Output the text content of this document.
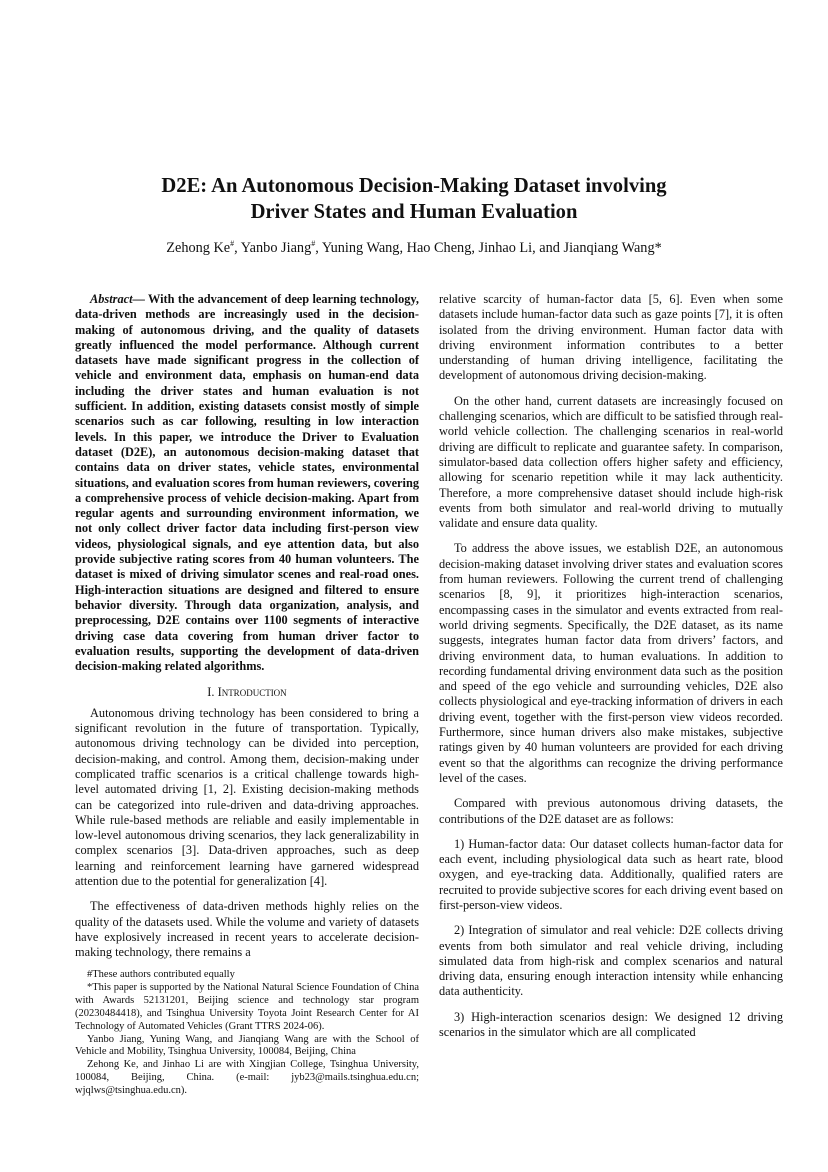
D2E: An Autonomous Decision-Making Dataset involving
Driver States and Human Evaluation
Zehong Ke#, Yanbo Jiang#, Yuning Wang, Hao Cheng, Jinhao Li, and Jianqiang Wang*

Abstract— With the advancement of deep learning technology, data-driven methods are increasingly used in the decision-making of autonomous driving, and the quality of datasets greatly influenced the model performance. Although current datasets have made significant progress in the collection of vehicle and environment data, emphasis on human-end data including the driver states and human evaluation is not sufficient. In addition, existing datasets consist mostly of simple scenarios such as car following, resulting in low interaction levels. In this paper, we introduce the Driver to Evaluation dataset (D2E), an autonomous decision-making dataset that contains data on driver states, vehicle states, environmental situations, and evaluation scores from human reviewers, covering a comprehensive process of vehicle decision-making. Apart from regular agents and surrounding environment information, we not only collect driver factor data including first-person view videos, physiological signals, and eye attention data, but also provide subjective rating scores from 40 human volunteers. The dataset is mixed of driving simulator scenes and real-road ones. High-interaction situations are designed and filtered to ensure behavior diversity. Through data organization, analysis, and preprocessing, D2E contains over 1100 segments of interactive driving case data covering from human driver factor to evaluation results, supporting the development of data-driven decision-making related algorithms.

I. Introduction

Autonomous driving technology has been considered to bring a significant revolution in the future of transportation. Typically, autonomous driving technology can be divided into perception, decision-making, and control. Among them, decision-making under complicated traffic scenarios is a critical challenge towards high-level automated driving [1, 2]. Existing decision-making methods can be categorized into rule-driven and data-driving approaches. While rule-based methods are reliable and easily implementable in low-level autonomous driving scenarios, they lack generalizability in complex scenarios [3]. Data-driven approaches, such as deep learning and reinforcement learning have garnered widespread attention due to the potential for generalization [4].

The effectiveness of data-driven methods highly relies on the quality of the datasets used. While the volume and variety of datasets have explosively increased in recent years to accelerate decision-making technology, there remains a

#These authors contributed equally

*This paper is supported by the National Natural Science Foundation of China with Awards 52131201, Beijing science and technology star program (20230484418), and Tsinghua University Toyota Joint Research Center for AI Technology of Automated Vehicles (Grant TTRS 2024-06).

Yanbo Jiang, Yuning Wang, and Jianqiang Wang are with the School of Vehicle and Mobility, Tsinghua University, 100084, Beijing, China

Zehong Ke, and Jinhao Li are with Xingjian College, Tsinghua University, 100084, Beijing, China. (e-mail: jyb23@mails.tsinghua.edu.cn; wjqlws@tsinghua.edu.cn).

relative scarcity of human-factor data [5, 6]. Even when some datasets include human-factor data such as gaze points [7], it is often isolated from the driving environment. Human factor data with driving environment information contributes to a better understanding of human driving intelligence, facilitating the development of autonomous driving decision-making.

On the other hand, current datasets are increasingly focused on challenging scenarios, which are difficult to be satisfied through real-world vehicle collection. The challenging scenarios in real-world driving are difficult to replicate and guarantee safety. In comparison, simulator-based data collection offers higher safety and efficiency, allowing for scenario repetition while it may lack authenticity. Therefore, a more comprehensive dataset should include high-risk events from both simulator and real-world driving to mutually validate and ensure data quality.

To address the above issues, we establish D2E, an autonomous decision-making dataset involving driver states and evaluation scores from human reviewers. Following the current trend of challenging scenarios [8, 9], it prioritizes high-interaction scenarios, encompassing cases in the simulator and events extracted from real-world driving segments. Specifically, the D2E dataset, as its name suggests, integrates human factor data from drivers’ factors, and driving environment data, to human evaluations. In addition to recording fundamental driving environment data such as the position and speed of the ego vehicle and surrounding vehicles, D2E also collects physiological and eye-tracking information of drivers in each driving event, together with the first-person view videos recorded. Furthermore, since human drivers also make mistakes, subjective ratings given by 40 human volunteers are provided for each driving event so that the algorithms can recognize the driving performance level of the cases.

Compared with previous autonomous driving datasets, the contributions of the D2E dataset are as follows:

1) Human-factor data: Our dataset collects human-factor data for each event, including physiological data such as heart rate, blood oxygen, and eye-tracking data. Additionally, qualified raters are recruited to provide subjective scores for each driving event based on first-person-view videos.

2) Integration of simulator and real vehicle: D2E collects driving events from both simulator and real vehicle driving, including simulated data from high-risk and complex scenarios and natural driving data, ensuring enough interaction intensity while enhancing data authenticity.

3) High-interaction scenarios design: We designed 12 driving scenarios in the simulator which are all complicated
